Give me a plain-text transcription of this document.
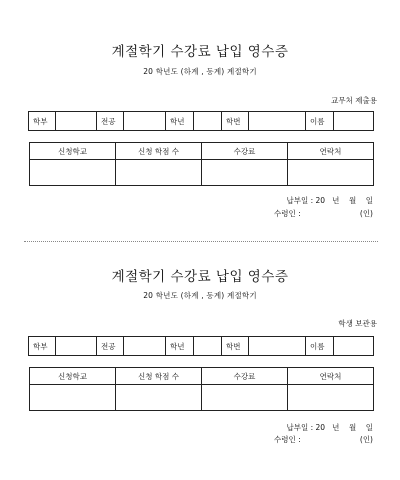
계절학기 수강료 납입 영수증
20 학년도 (하계 , 동계) 계절학기
교무처 제출용
학부		전공		학년		학번		이름	
신청학교	신청 학점 수	수강료	연락처

납부일 : 20   년    월    일
수령인 :	(인)
계절학기 수강료 납입 영수증
20 학년도 (하계 , 동계) 계절학기
학생 보관용
학부		전공		학년		학번		이름	
신청학교	신청 학점 수	수강료	연락처

납부일 : 20   년    월    일
수령인 :	(인)
